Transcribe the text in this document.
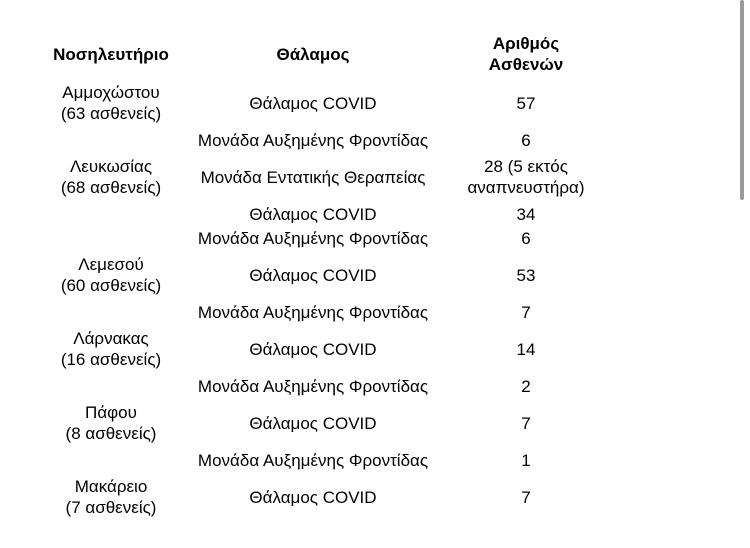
Νοσηλευτήριο	Θάλαμος	Αριθμός
Ασθενών

Αμμοχώστου
(63 ασθενείς)	Θάλαμος COVID	57
	Μονάδα Αυξημένης Φροντίδας	6

Λευκωσίας
(68 ασθενείς)	Μονάδα Εντατικής Θεραπείας	28 (5 εκτός
αναπνευστήρα)

	Θάλαμος COVID	34
	Μονάδα Αυξημένης Φροντίδας	6

Λεμεσού
(60 ασθενείς)	Θάλαμος COVID	53
	Μονάδα Αυξημένης Φροντίδας	7

Λάρνακας
(16 ασθενείς)	Θάλαμος COVID	14
	Μονάδα Αυξημένης Φροντίδας	2

Πάφου
(8 ασθενείς)	Θάλαμος COVID	7
	Μονάδα Αυξημένης Φροντίδας	1

Μακάρειο
(7 ασθενείς)	Θάλαμος COVID	7
